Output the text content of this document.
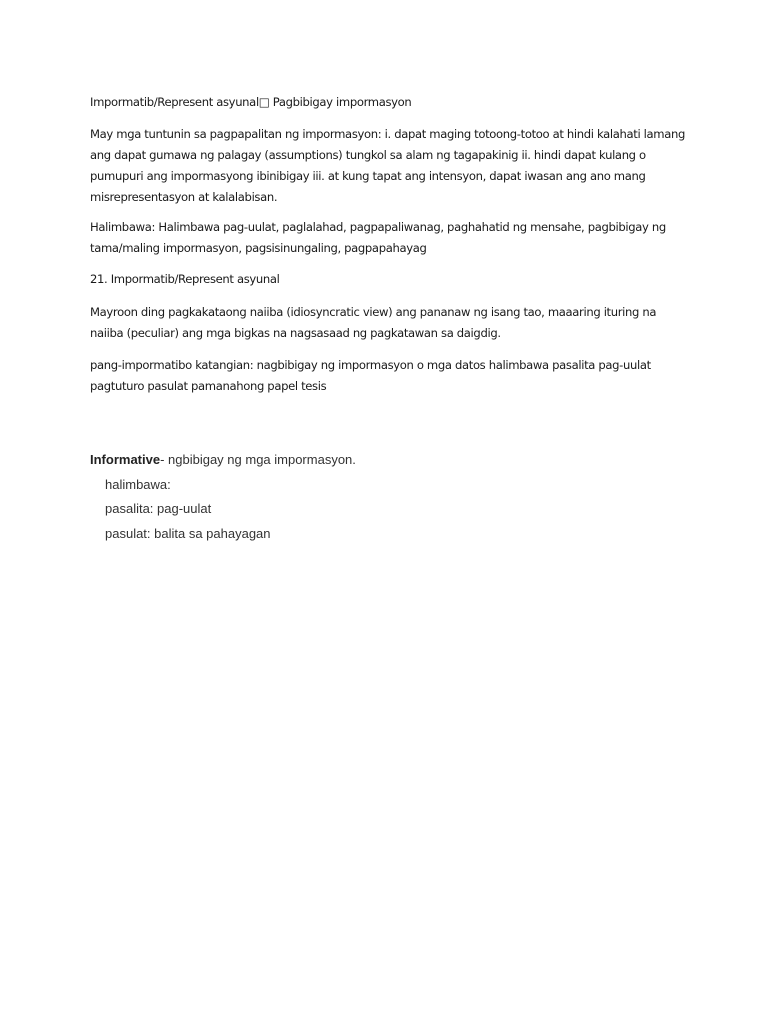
Impormatib/Represent asyunal□ Pagbibigay impormasyon

May mga tuntunin sa pagpapalitan ng impormasyon: i. dapat maging totoong-totoo at hindi kalahati lamang ang dapat gumawa ng palagay (assumptions) tungkol sa alam ng tagapakinig ii. hindi dapat kulang o pumupuri ang impormasyong ibinibigay iii. at kung tapat ang intensyon, dapat iwasan ang ano mang misrepresentasyon at kalalabisan.

Halimbawa: Halimbawa pag-uulat, paglalahad, pagpapaliwanag, paghahatid ng mensahe, pagbibigay ng tama/maling impormasyon, pagsisinungaling, pagpapahayag

21. Impormatib/Represent asyunal

Mayroon ding pagkakataong naiiba (idiosyncratic view) ang pananaw ng isang tao, maaaring ituring na naiiba (peculiar) ang mga bigkas na nagsasaad ng pagkatawan sa daigdig.

pang-impormatibo katangian: nagbibigay ng impormasyon o mga datos halimbawa pasalita pag-uulat pagtuturo pasulat pamanahong papel tesis

Informative- ngbibigay ng mga impormasyon.
halimbawa:
pasalita: pag-uulat
pasulat: balita sa pahayagan
